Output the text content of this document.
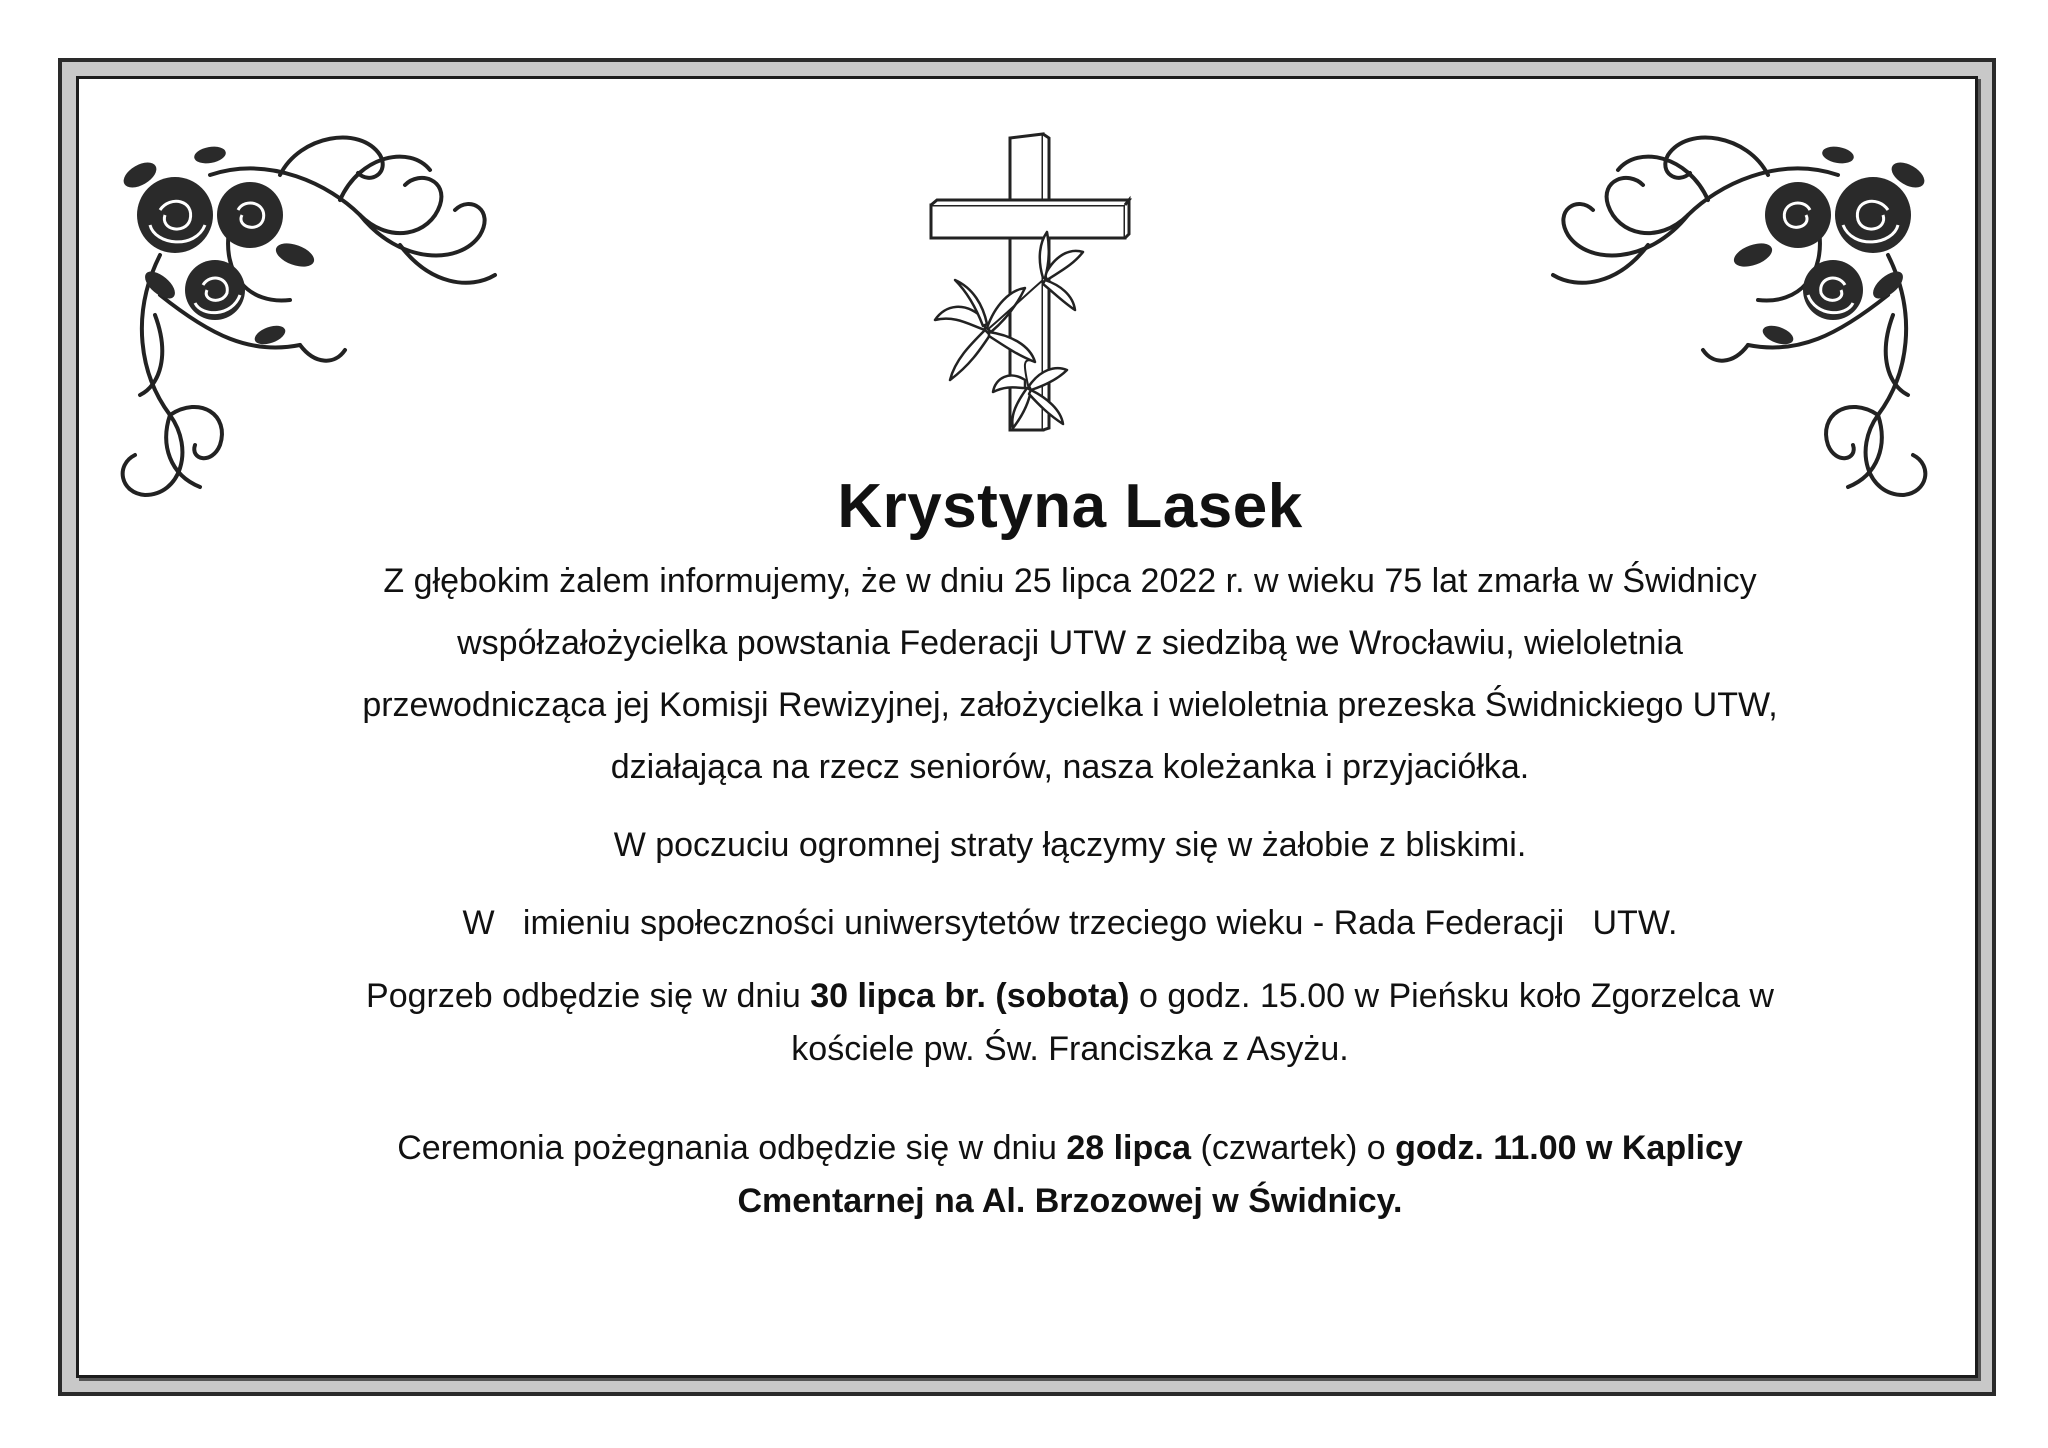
Krystyna Lasek

Z głębokim żalem informujemy, że w dniu 25 lipca 2022 r. w wieku 75 lat zmarła w Świdnicy
współzałożycielka powstania Federacji UTW z siedzibą we Wrocławiu, wieloletnia
przewodnicząca jej Komisji Rewizyjnej, założycielka i wieloletnia prezeska Świdnickiego UTW,
działająca na rzecz seniorów, nasza koleżanka i przyjaciółka.

W poczuciu ogromnej straty łączymy się w żałobie z bliskimi.

W   imieniu społeczności uniwersytetów trzeciego wieku - Rada Federacji   UTW.

Pogrzeb odbędzie się w dniu 30 lipca br. (sobota) o godz. 15.00 w Pieńsku koło Zgorzelca w
kościele pw. Św. Franciszka z Asyżu.
Ceremonia pożegnania odbędzie się w dniu 28 lipca (czwartek) o godz. 11.00 w Kaplicy
Cmentarnej na Al. Brzozowej w Świdnicy.
